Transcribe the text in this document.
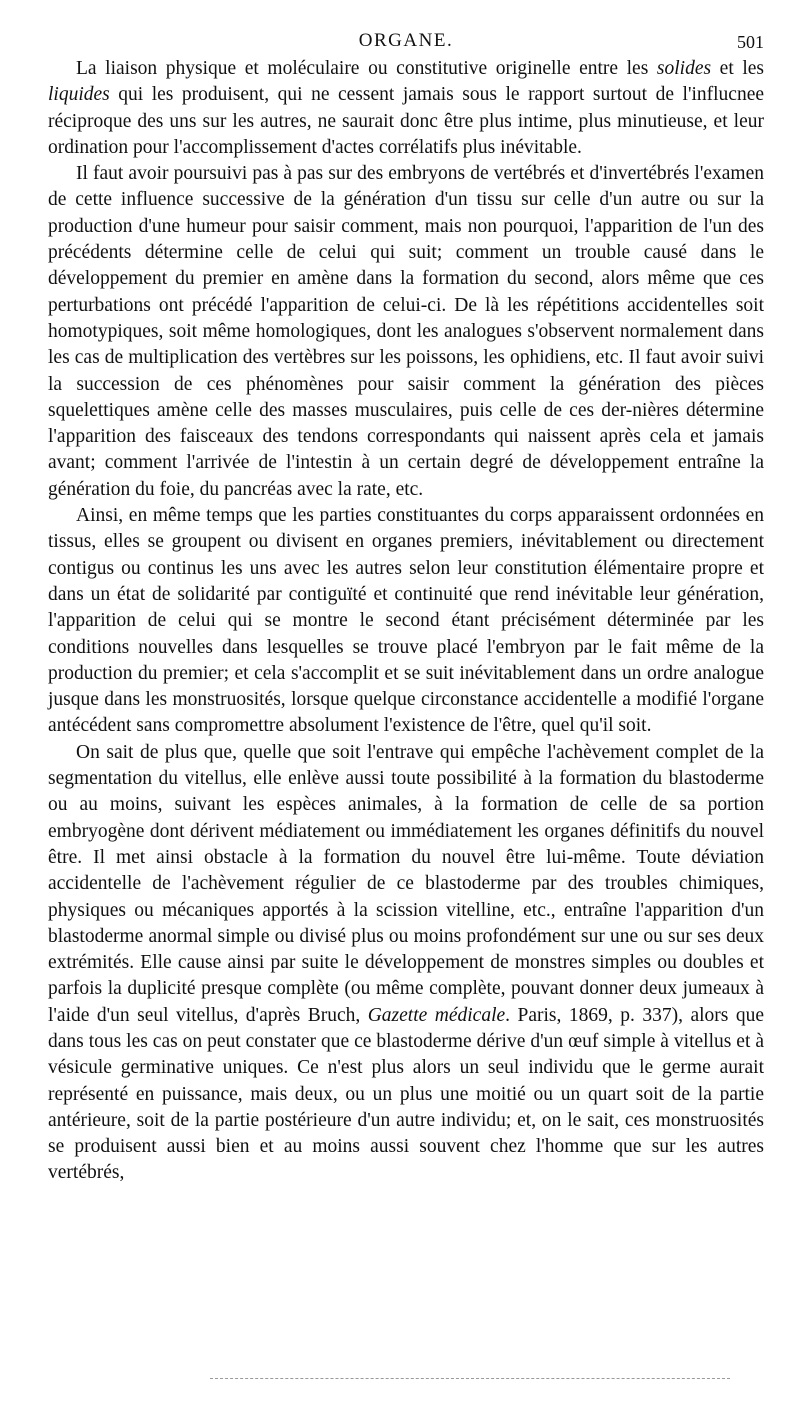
ORGANE.	501

La liaison physique et moléculaire ou constitutive originelle entre les solides et les liquides qui les produisent, qui ne cessent jamais sous le rapport surtout de l'influcnee réciproque des uns sur les autres, ne saurait donc être plus intime, plus minutieuse, et leur ordination pour l'accomplissement d'actes corrélatifs plus inévitable.

Il faut avoir poursuivi pas à pas sur des embryons de vertébrés et d'invertébrés l'examen de cette influence successive de la génération d'un tissu sur celle d'un autre ou sur la production d'une humeur pour saisir comment, mais non pourquoi, l'apparition de l'un des précédents détermine celle de celui qui suit; comment un trouble causé dans le développement du premier en amène dans la formation du second, alors même que ces perturbations ont précédé l'apparition de celui-ci. De là les répétitions accidentelles soit homotypiques, soit même homologiques, dont les analogues s'observent normalement dans les cas de multiplication des vertèbres sur les poissons, les ophidiens, etc. Il faut avoir suivi la succession de ces phénomènes pour saisir comment la génération des pièces squelettiques amène celle des masses musculaires, puis celle de ces der-nières détermine l'apparition des faisceaux des tendons correspondants qui naissent après cela et jamais avant; comment l'arrivée de l'intestin à un certain degré de développement entraîne la génération du foie, du pancréas avec la rate, etc.

Ainsi, en même temps que les parties constituantes du corps apparaissent ordonnées en tissus, elles se groupent ou divisent en organes premiers, inévitablement ou directement contigus ou continus les uns avec les autres selon leur constitution élémentaire propre et dans un état de solidarité par contiguïté et continuité que rend inévitable leur génération, l'apparition de celui qui se montre le second étant précisément déterminée par les conditions nouvelles dans lesquelles se trouve placé l'embryon par le fait même de la production du premier; et cela s'accomplit et se suit inévitablement dans un ordre analogue jusque dans les monstruosités, lorsque quelque circonstance accidentelle a modifié l'organe antécédent sans compromettre absolument l'existence de l'être, quel qu'il soit.

On sait de plus que, quelle que soit l'entrave qui empêche l'achèvement complet de la segmentation du vitellus, elle enlève aussi toute possibilité à la formation du blastoderme ou au moins, suivant les espèces animales, à la formation de celle de sa portion embryogène dont dérivent médiatement ou immédiatement les organes définitifs du nouvel être. Il met ainsi obstacle à la formation du nouvel être lui-même. Toute déviation accidentelle de l'achèvement régulier de ce blastoderme par des troubles chimiques, physiques ou mécaniques apportés à la scission vitelline, etc., entraîne l'apparition d'un blastoderme anormal simple ou divisé plus ou moins profondément sur une ou sur ses deux extrémités. Elle cause ainsi par suite le développement de monstres simples ou doubles et parfois la duplicité presque complète (ou même complète, pouvant donner deux jumeaux à l'aide d'un seul vitellus, d'après Bruch, Gazette médicale. Paris, 1869, p. 337), alors que dans tous les cas on peut constater que ce blastoderme dérive d'un œuf simple à vitellus et à vésicule germinative uniques. Ce n'est plus alors un seul individu que le germe aurait représenté en puissance, mais deux, ou un plus une moitié ou un quart soit de la partie antérieure, soit de la partie postérieure d'un autre individu; et, on le sait, ces monstruosités se produisent aussi bien et au moins aussi souvent chez l'homme que sur les autres vertébrés,
